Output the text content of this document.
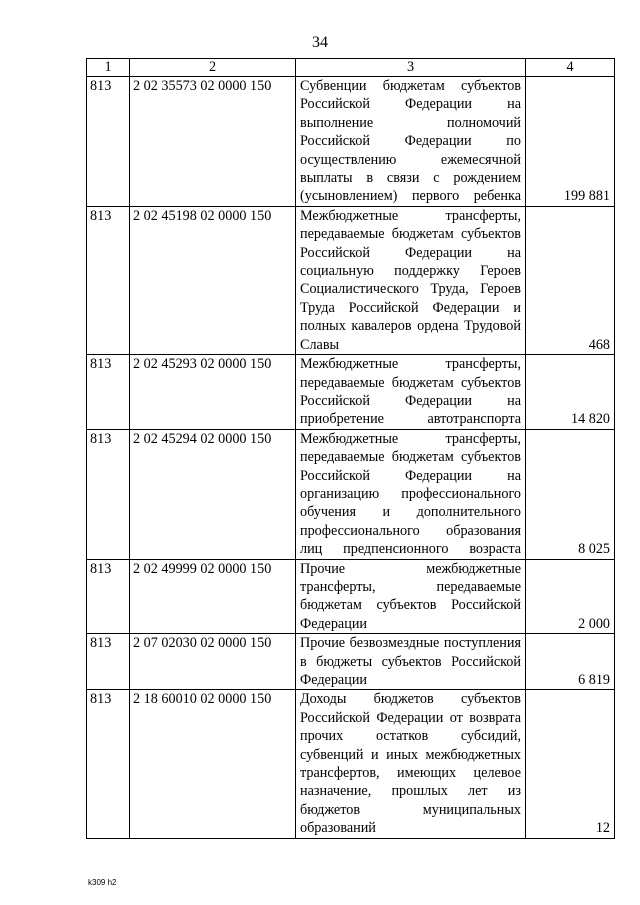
34
1	2	3	4
813	2 02 35573 02 0000 150	Субвенции бюджетам субъектов Российской Федерации на выполнение полномочий Российской Федерации по осуществлению ежемесячной выплаты в связи с рождением (усыновлением) первого ребенка	199 881
813	2 02 45198 02 0000 150	Межбюджетные трансферты, передаваемые бюджетам субъектов Российской Федерации на социальную поддержку Героев Социалистического Труда, Героев Труда Российской Федерации и полных кавалеров ордена Трудовой Славы	468
813	2 02 45293 02 0000 150	Межбюджетные трансферты, передаваемые бюджетам субъектов Российской Федерации на приобретение автотранспорта	14 820
813	2 02 45294 02 0000 150	Межбюджетные трансферты, передаваемые бюджетам субъектов Российской Федерации на организацию профессионального обучения и дополнительного профессионального образования лиц предпенсионного возраста	8 025
813	2 02 49999 02 0000 150	Прочие межбюджетные трансферты, передаваемые бюджетам субъектов Российской Федерации	2 000
813	2 07 02030 02 0000 150	Прочие безвозмездные поступления в бюджеты субъектов Российской Федерации	6 819
813	2 18 60010 02 0000 150	Доходы бюджетов субъектов Российской Федерации от возврата прочих остатков субсидий, субвенций и иных межбюджетных трансфертов, имеющих целевое назначение, прошлых лет из бюджетов муниципальных образований	12
k309 h2
